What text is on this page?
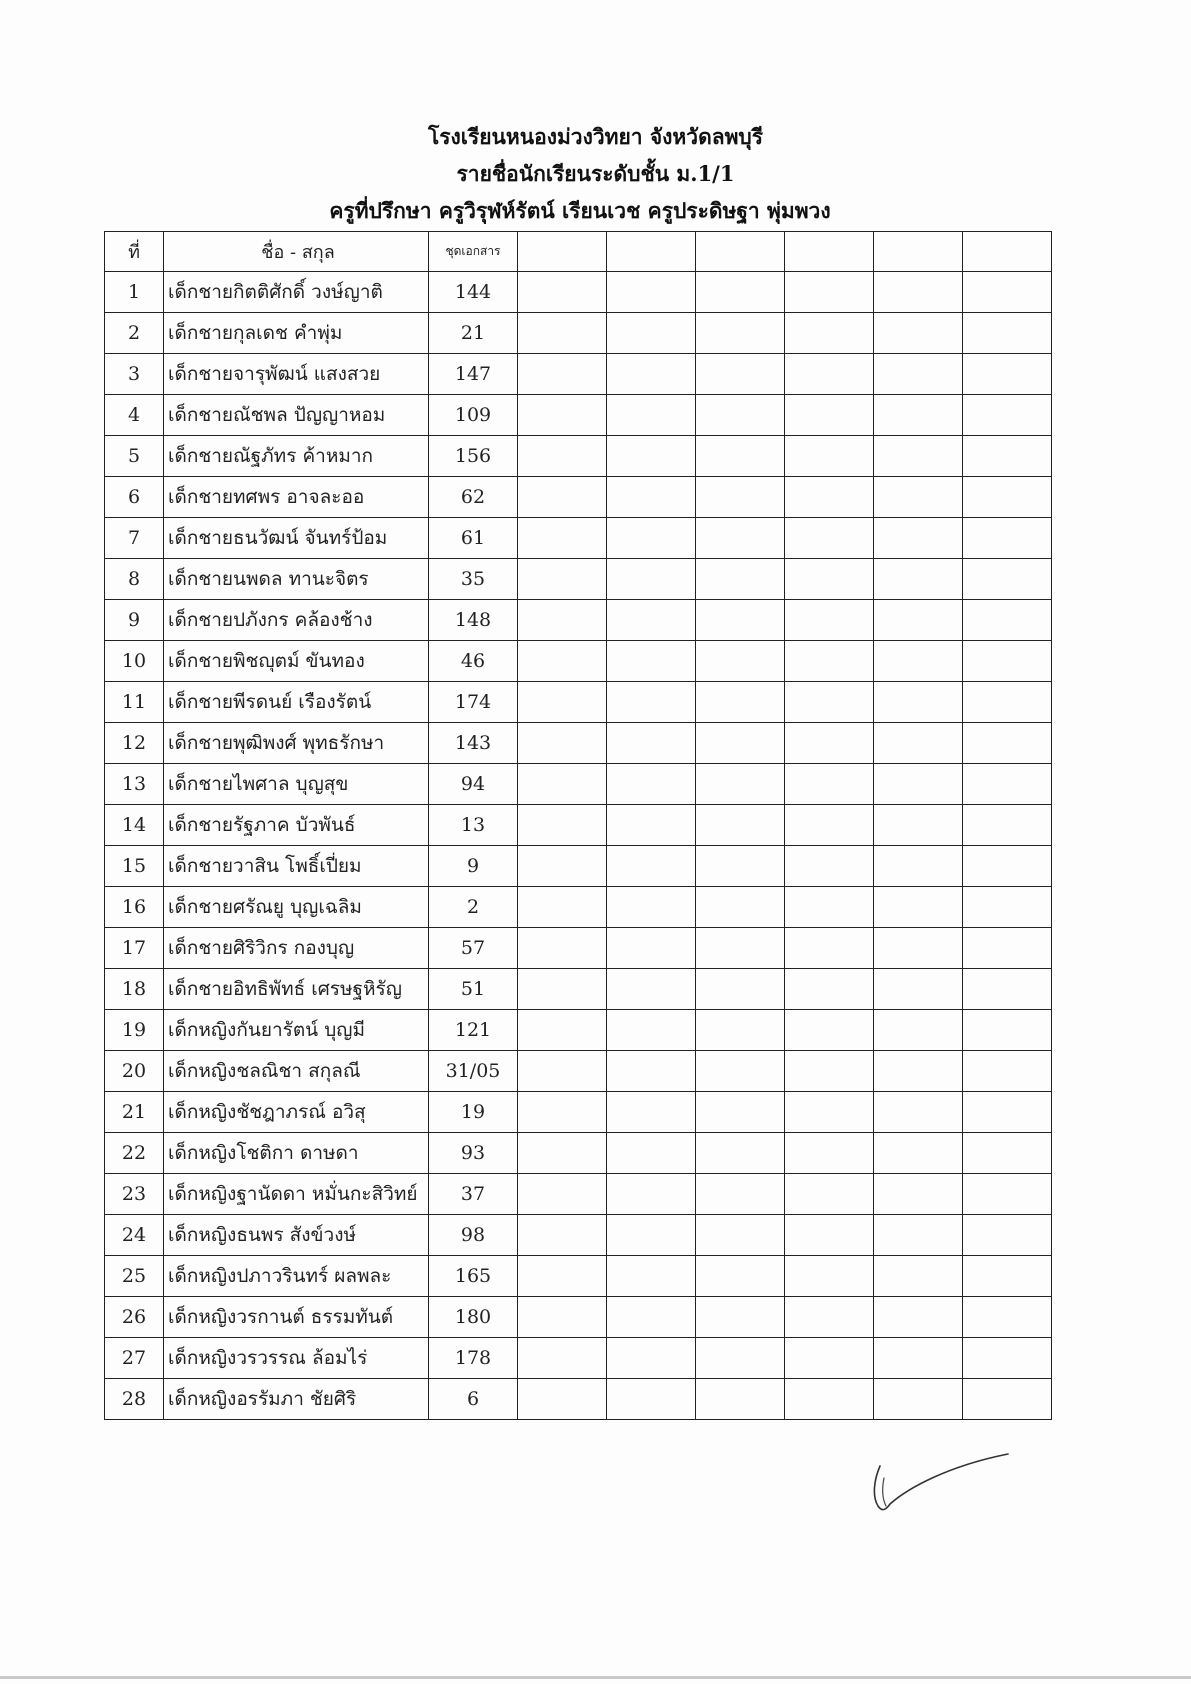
โรงเรียนหนองม่วงวิทยา จังหวัดลพบุรี
รายชื่อนักเรียนระดับชั้น ม.1/1
ครูที่ปรึกษา ครูวิรุฬห์รัตน์ เรียนเวช ครูประดิษฐา พุ่มพวง
ที่	ชื่อ - สกุล	ชุดเอกสาร						
1	เด็กชายกิตติศักดิ์ วงษ์ญาติ	144						
2	เด็กชายกุลเดช คำพุ่ม	21						
3	เด็กชายจารุพัฒน์ แสงสวย	147						
4	เด็กชายณัชพล ปัญญาหอม	109						
5	เด็กชายณัฐภัทร ค้าหมาก	156						
6	เด็กชายทศพร อาจละออ	62						
7	เด็กชายธนวัฒน์ จันทร์ป้อม	61						
8	เด็กชายนพดล ทานะจิตร	35						
9	เด็กชายปภังกร คล้องช้าง	148						
10	เด็กชายพิชญุตม์ ขันทอง	46						
11	เด็กชายพีรดนย์ เรืองรัตน์	174						
12	เด็กชายพุฒิพงศ์ พุทธรักษา	143						
13	เด็กชายไพศาล บุญสุข	94						
14	เด็กชายรัฐภาค บัวพันธ์	13						
15	เด็กชายวาสิน โพธิ์เปี่ยม	9						
16	เด็กชายศรัณยู บุญเฉลิม	2						
17	เด็กชายศิริวิกร กองบุญ	57						
18	เด็กชายอิทธิพัทธ์ เศรษฐหิรัญ	51						
19	เด็กหญิงกันยารัตน์ บุญมี	121						
20	เด็กหญิงชลณิชา สกุลณี	31/05						
21	เด็กหญิงชัชฎาภรณ์ อวิสุ	19						
22	เด็กหญิงโชติกา ดาษดา	93						
23	เด็กหญิงฐานัดดา หมั่นกะสิวิทย์	37						
24	เด็กหญิงธนพร สังข์วงษ์	98						
25	เด็กหญิงปภาวรินทร์ ผลพละ	165						
26	เด็กหญิงวรกานต์ ธรรมทันต์	180						
27	เด็กหญิงวรวรรณ ล้อมไร่	178						
28	เด็กหญิงอรรัมภา ชัยศิริ	6						
